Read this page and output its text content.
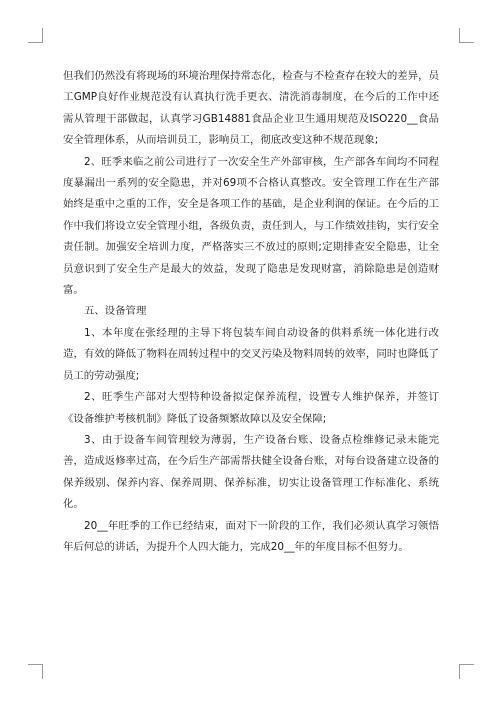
但我们仍然没有将现场的环境治理保持常态化，检查与不检查存在较大的差异，员工GMP良好作业规范没有认真执行洗手更衣、清洗消毒制度，在今后的工作中还需从管理干部做起，认真学习GB14881食品企业卫生通用规范及ISO220__食品安全管理体系，从而培训员工，影响员工，彻底改变这种不规范现象;

2、旺季来临之前公司进行了一次安全生产外部审核，生产部各车间均不同程度暴漏出一系列的安全隐患，并对69项不合格认真整改。安全管理工作在生产部始终是重中之重的工作，安全是各项工作的基础，是企业利润的保证。在今后的工作中我们将设立安全管理小组，各级负责，责任到人，与工作绩效挂钩，实行安全责任制。加强安全培训力度，严格落实三不放过的原则;定期排查安全隐患，让全员意识到了安全生产是最大的效益，发现了隐患是发现财富，消除隐患是创造财富。

五、设备管理

1、本年度在张经理的主导下将包装车间自动设备的供料系统一体化进行改造，有效的降低了物料在周转过程中的交叉污染及物料周转的效率，同时也降低了员工的劳动强度;

2、旺季生产部对大型特种设备拟定保养流程，设置专人维护保养，并签订《设备维护考核机制》降低了设备频繁故障以及安全保障;

3、由于设备车间管理较为薄弱，生产设备台账、设备点检维修记录未能完善，造成返修率过高，在今后生产部需帮扶健全设备台账，对每台设备建立设备的保养级别、保养内容、保养周期、保养标准，切实让设备管理工作标准化、系统化。

20__年旺季的工作已经结束，面对下一阶段的工作，我们必须认真学习领悟年后何总的讲话，为提升个人四大能力，完成20__年的年度目标不但努力。
